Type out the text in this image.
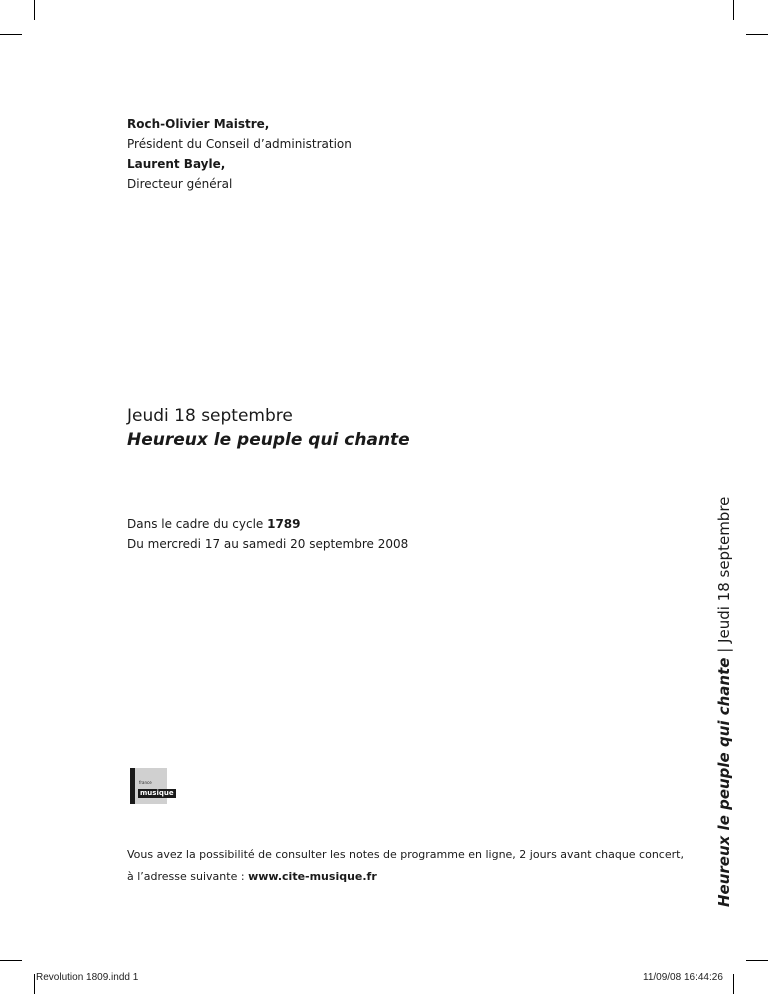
Roch-Olivier Maistre,
Président du Conseil d’administration
Laurent Bayle,
Directeur général
Jeudi 18 septembre
Heureux le peuple qui chante
Dans le cadre du cycle 1789
Du mercredi 17 au samedi 20 septembre 2008
france
musique
Vous avez la possibilité de consulter les notes de programme en ligne, 2 jours avant chaque concert,
à l’adresse suivante : www.cite-musique.fr	Heureux le peuple qui chante | Jeudi 18 septembre
Revolution 1809.indd 1	11/09/08 16:44:26
